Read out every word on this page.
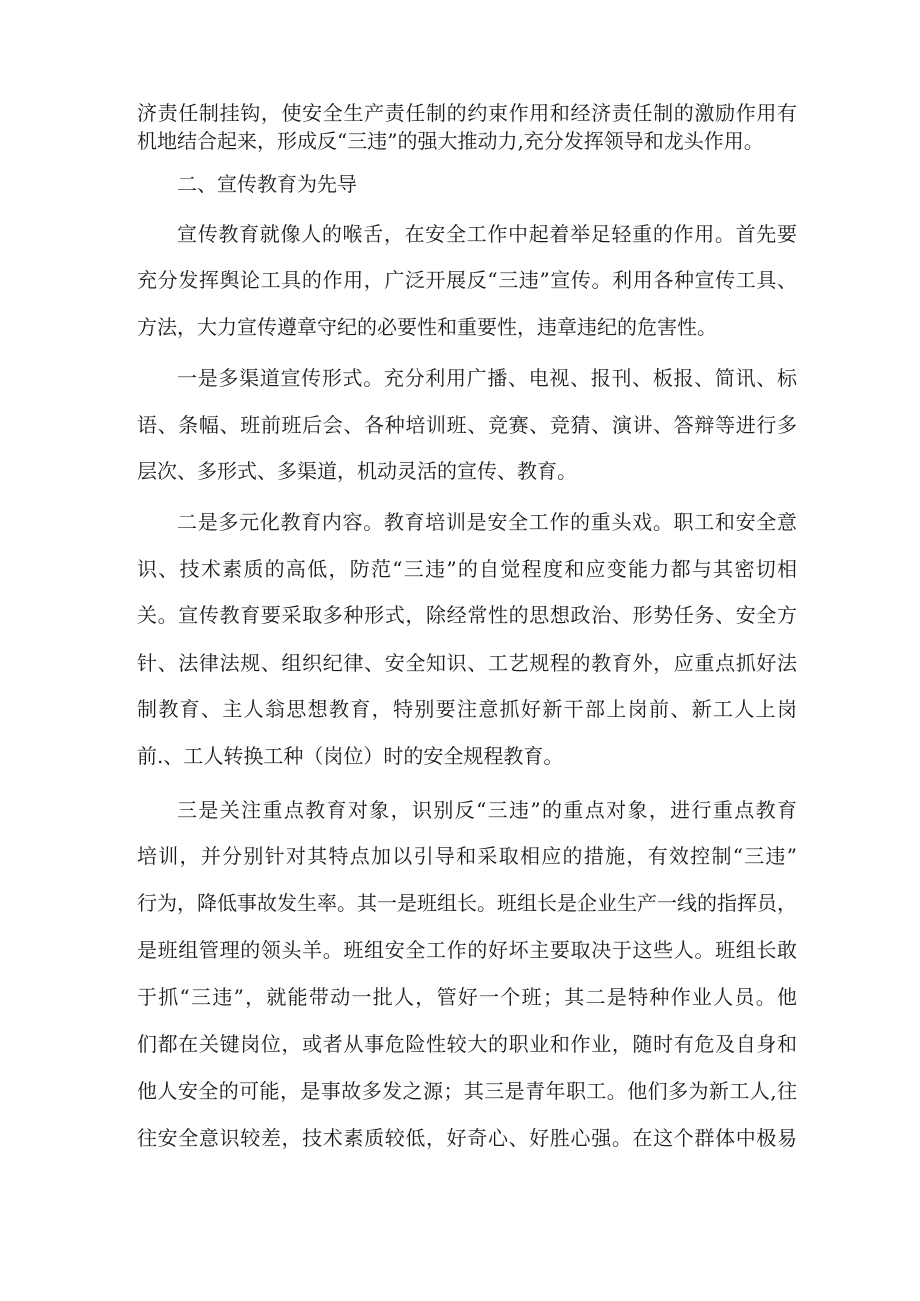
济责任制挂钩，使安全生产责任制的约束作用和经济责任制的激励作用有
机地结合起来，形成反“三违”的强大推动力,充分发挥领导和龙头作用。
二、宣传教育为先导
宣传教育就像人的喉舌，在安全工作中起着举足轻重的作用。首先要
充分发挥舆论工具的作用，广泛开展反“三违”宣传。利用各种宣传工具、
方法，大力宣传遵章守纪的必要性和重要性，违章违纪的危害性。
一是多渠道宣传形式。充分利用广播、电视、报刊、板报、简讯、标
语、条幅、班前班后会、各种培训班、竞赛、竞猜、演讲、答辩等进行多
层次、多形式、多渠道，机动灵活的宣传、教育。
二是多元化教育内容。教育培训是安全工作的重头戏。职工和安全意
识、技术素质的高低，防范“三违”的自觉程度和应变能力都与其密切相
关。宣传教育要采取多种形式，除经常性的思想政治、形势任务、安全方
针、法律法规、组织纪律、安全知识、工艺规程的教育外，应重点抓好法
制教育、主人翁思想教育，特别要注意抓好新干部上岗前、新工人上岗
前.、工人转换工种（岗位）时的安全规程教育。
三是关注重点教育对象，识别反“三违”的重点对象，进行重点教育
培训，并分别针对其特点加以引导和采取相应的措施，有效控制“三违”
行为，降低事故发生率。其一是班组长。班组长是企业生产一线的指挥员，
是班组管理的领头羊。班组安全工作的好坏主要取决于这些人。班组长敢
于抓“三违”，就能带动一批人，管好一个班；其二是特种作业人员。他
们都在关键岗位，或者从事危险性较大的职业和作业，随时有危及自身和
他人安全的可能，是事故多发之源；其三是青年职工。他们多为新工人,往
往安全意识较差，技术素质较低，好奇心、好胜心强。在这个群体中极易
